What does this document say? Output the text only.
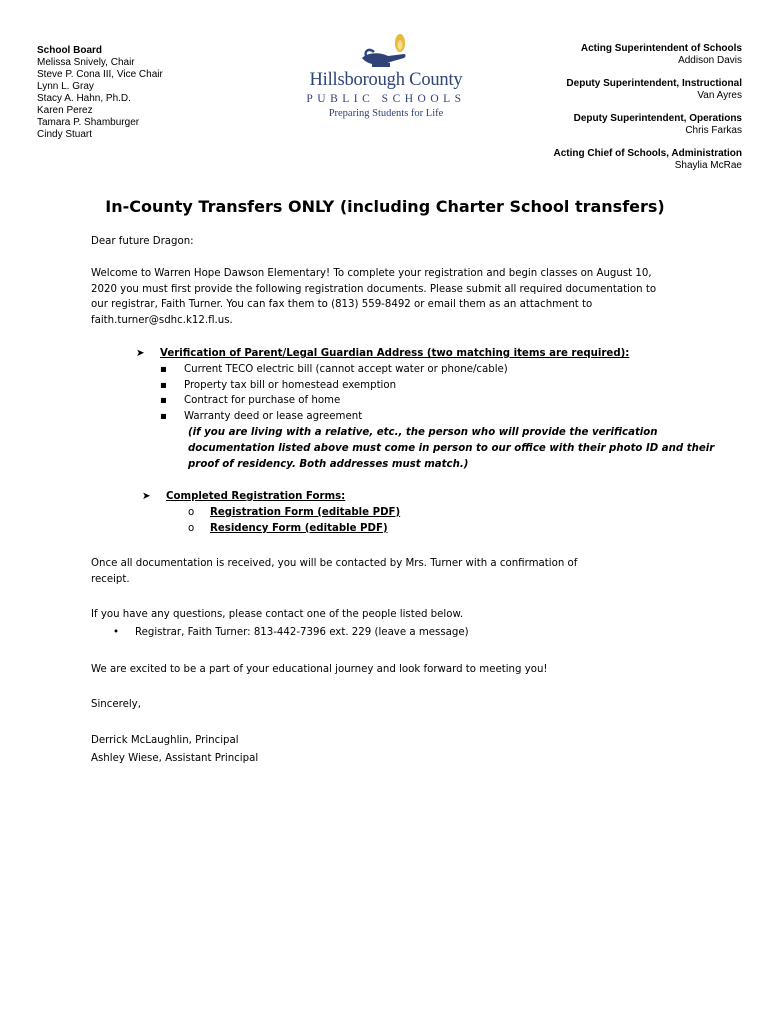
School Board
Melissa Snively, Chair
Steve P. Cona III, Vice Chair
Lynn L. Gray
Stacy A. Hahn, Ph.D.
Karen Perez
Tamara P. Shamburger
Cindy Stuart
Hillsborough County
PUBLIC SCHOOLS
Preparing Students for Life
Acting Superintendent of Schools
Addison Davis
Deputy Superintendent, Instructional
Van Ayres
Deputy Superintendent, Operations
Chris Farkas
Acting Chief of Schools, Administration
Shaylia McRae
In-County Transfers ONLY (including Charter School transfers)
Dear future Dragon:
Welcome to Warren Hope Dawson Elementary! To complete your registration and begin classes on August 10,
2020 you must first provide the following registration documents. Please submit all required documentation to
our registrar, Faith Turner. You can fax them to (813) 559-8492 or email them as an attachment to
faith.turner@sdhc.k12.fl.us.
➤ Verification of Parent/Legal Guardian Address (two matching items are required):
▪ Current TECO electric bill (cannot accept water or phone/cable)
▪ Property tax bill or homestead exemption
▪ Contract for purchase of home
▪ Warranty deed or lease agreement
(if you are living with a relative, etc., the person who will provide the verification
documentation listed above must come in person to our office with their photo ID and their
proof of residency. Both addresses must match.)
➤ Completed Registration Forms:
o Registration Form (editable PDF)
o Residency Form (editable PDF)
Once all documentation is received, you will be contacted by Mrs. Turner with a confirmation of
receipt.
If you have any questions, please contact one of the people listed below.
• Registrar, Faith Turner: 813-442-7396 ext. 229 (leave a message)
We are excited to be a part of your educational journey and look forward to meeting you!
Sincerely,
Derrick McLaughlin, Principal
Ashley Wiese, Assistant Principal
